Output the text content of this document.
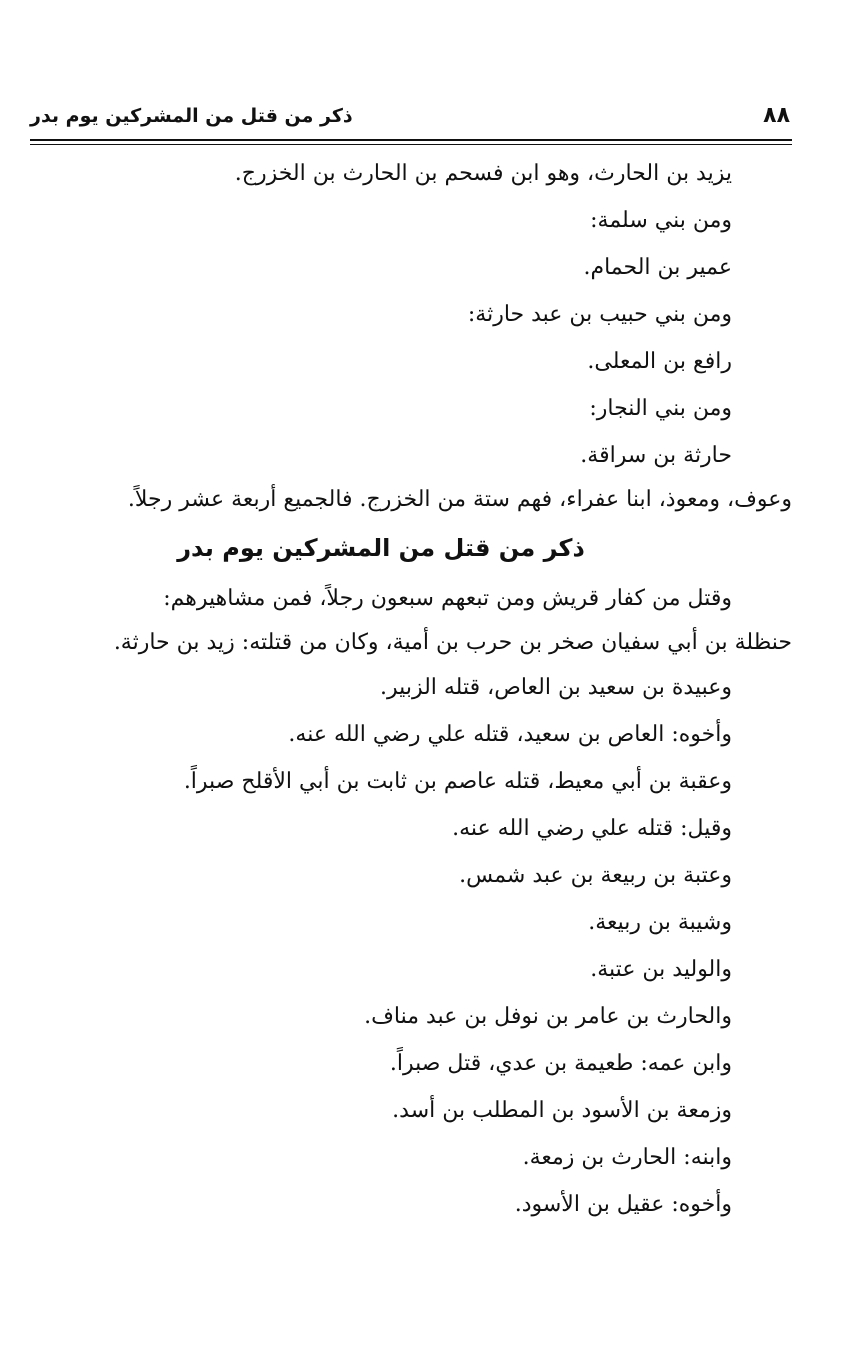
٨٨
ذكر من قتل من المشركين يوم بدر
يزيد بن الحارث، وهو ابن فسحم بن الحارث بن الخزرج.
ومن بني سلمة:
عمير بن الحمام.
ومن بني حبيب بن عبد حارثة:
رافع بن المعلى.
ومن بني النجار:
حارثة بن سراقة.
وعوف، ومعوذ، ابنا عفراء، فهم ستة من الخزرج. فالجميع أربعة عشر رجلاً.
ذكر من قتل من المشركين يوم بدر
وقتل من كفار قريش ومن تبعهم سبعون رجلاً، فمن مشاهيرهم:
حنظلة بن أبي سفيان صخر بن حرب بن أمية، وكان من قتلته: زيد بن حارثة.
وعبيدة بن سعيد بن العاص، قتله الزبير.
وأخوه: العاص بن سعيد، قتله علي رضي الله عنه.
وعقبة بن أبي معيط، قتله عاصم بن ثابت بن أبي الأقلح صبراً.
وقيل: قتله علي رضي الله عنه.
وعتبة بن ربيعة بن عبد شمس.
وشيبة بن ربيعة.
والوليد بن عتبة.
والحارث بن عامر بن نوفل بن عبد مناف.
وابن عمه: طعيمة بن عدي، قتل صبراً.
وزمعة بن الأسود بن المطلب بن أسد.
وابنه: الحارث بن زمعة.
وأخوه: عقيل بن الأسود.
